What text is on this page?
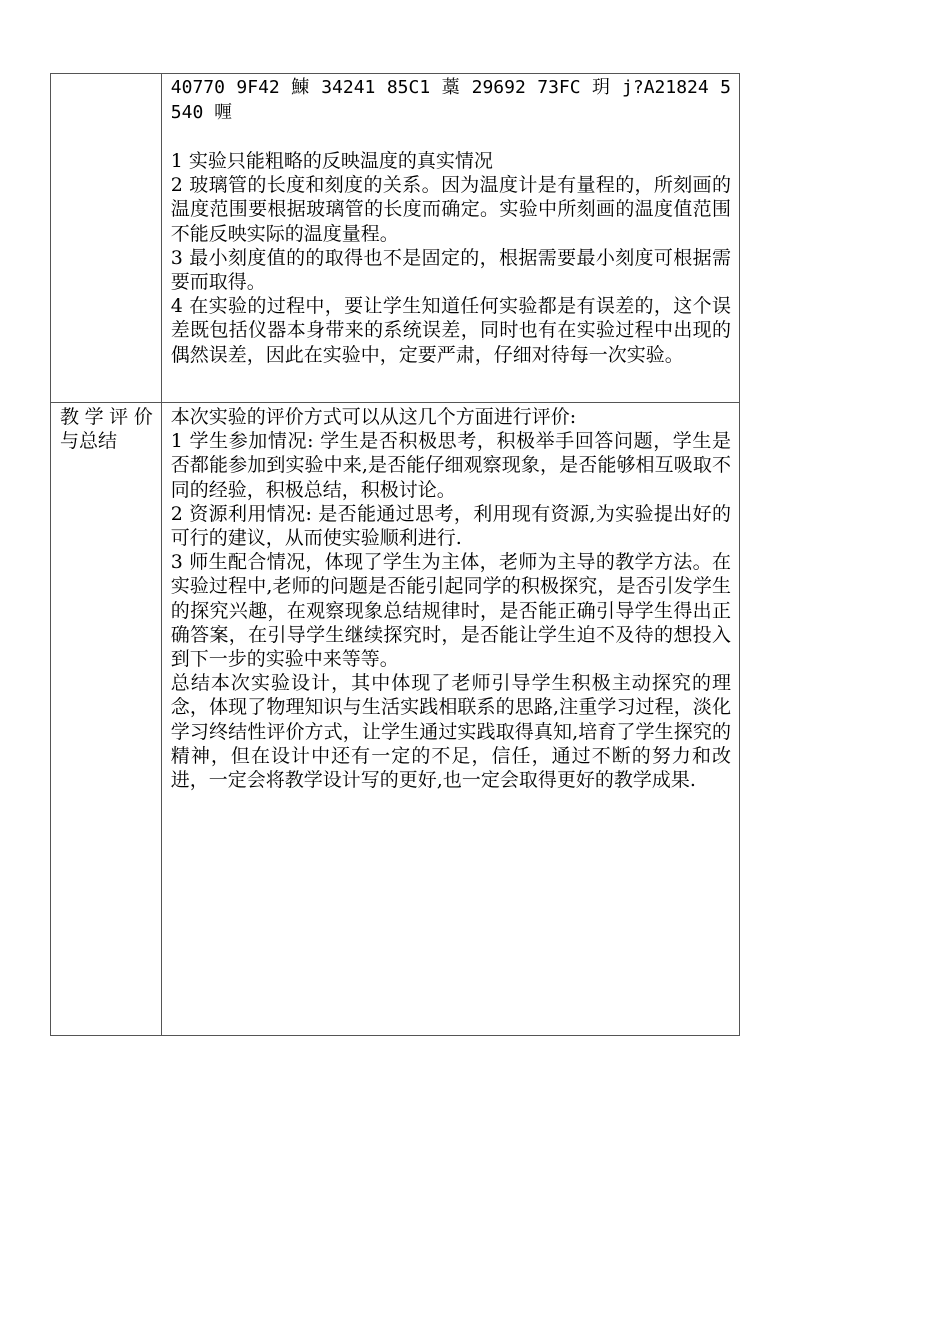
	40770 9F42 鯟 34241 85C1 藁 29692 73FC 玥 j?A21824 5540 喱

1 实验只能粗略的反映温度的真实情况

2 玻璃管的长度和刻度的关系。因为温度计是有量程的，所刻画的温度范围要根据玻璃管的长度而确定。实验中所刻画的温度值范围不能反映实际的温度量程。

3 最小刻度值的的取得也不是固定的，根据需要最小刻度可根据需要而取得。

4 在实验的过程中，要让学生知道任何实验都是有误差的，这个误差既包括仪器本身带来的系统误差，同时也有在实验过程中出现的偶然误差，因此在实验中，定要严肃，仔细对待每一次实验。

教学评价与总结	本次实验的评价方式可以从这几个方面进行评价:

1 学生参加情况: 学生是否积极思考，积极举手回答问题，学生是否都能参加到实验中来,是否能仔细观察现象，是否能够相互吸取不同的经验，积极总结，积极讨论。

2 资源利用情况: 是否能通过思考，利用现有资源,为实验提出好的可行的建议，从而使实验顺利进行.

3 师生配合情况，体现了学生为主体，老师为主导的教学方法。在实验过程中,老师的问题是否能引起同学的积极探究，是否引发学生的探究兴趣，在观察现象总结规律时，是否能正确引导学生得出正确答案，在引导学生继续探究时，是否能让学生迫不及待的想投入到下一步的实验中来等等。

总结本次实验设计，其中体现了老师引导学生积极主动探究的理念，体现了物理知识与生活实践相联系的思路,注重学习过程，淡化学习终结性评价方式，让学生通过实践取得真知,培育了学生探究的精神，但在设计中还有一定的不足，信任，通过不断的努力和改进，一定会将教学设计写的更好,也一定会取得更好的教学成果.
